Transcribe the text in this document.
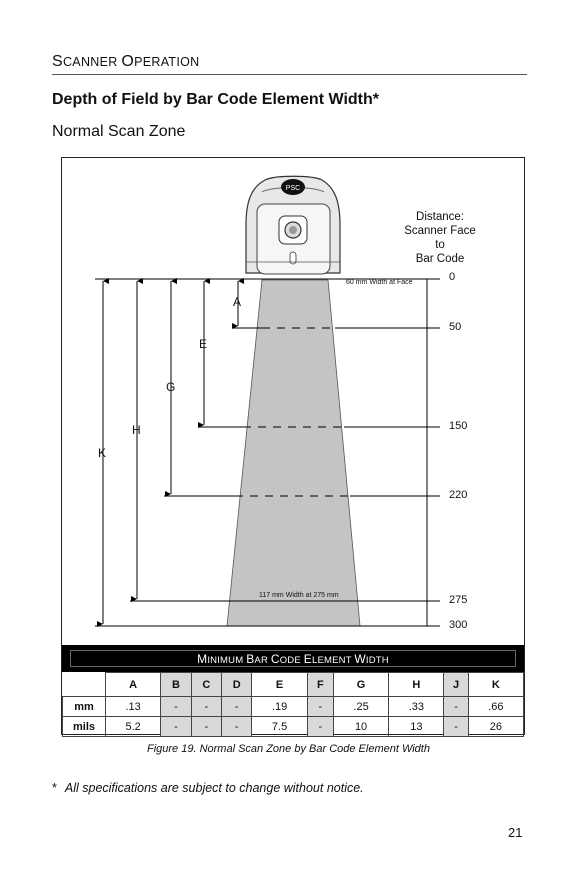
SCANNER OPERATION
Depth of Field by Bar Code Element Width*
Normal Scan Zone
PSC
Distance:
Scanner Face
to
Bar Code
0
50
150
220
275
300
A
E
G
H
K
60 mm Width at Face
117 mm Width at 275 mm
MINIMUM BAR CODE ELEMENT WIDTH
	A	B	C	D	E	F	G	H	J	K
mm	.13	-	-	-	.19	-	.25	.33	-	.66
mils	5.2	-	-	-	7.5	-	10	13	-	26
Figure 19. Normal Scan Zone by Bar Code Element Width
* All specifications are subject to change without notice.
21
